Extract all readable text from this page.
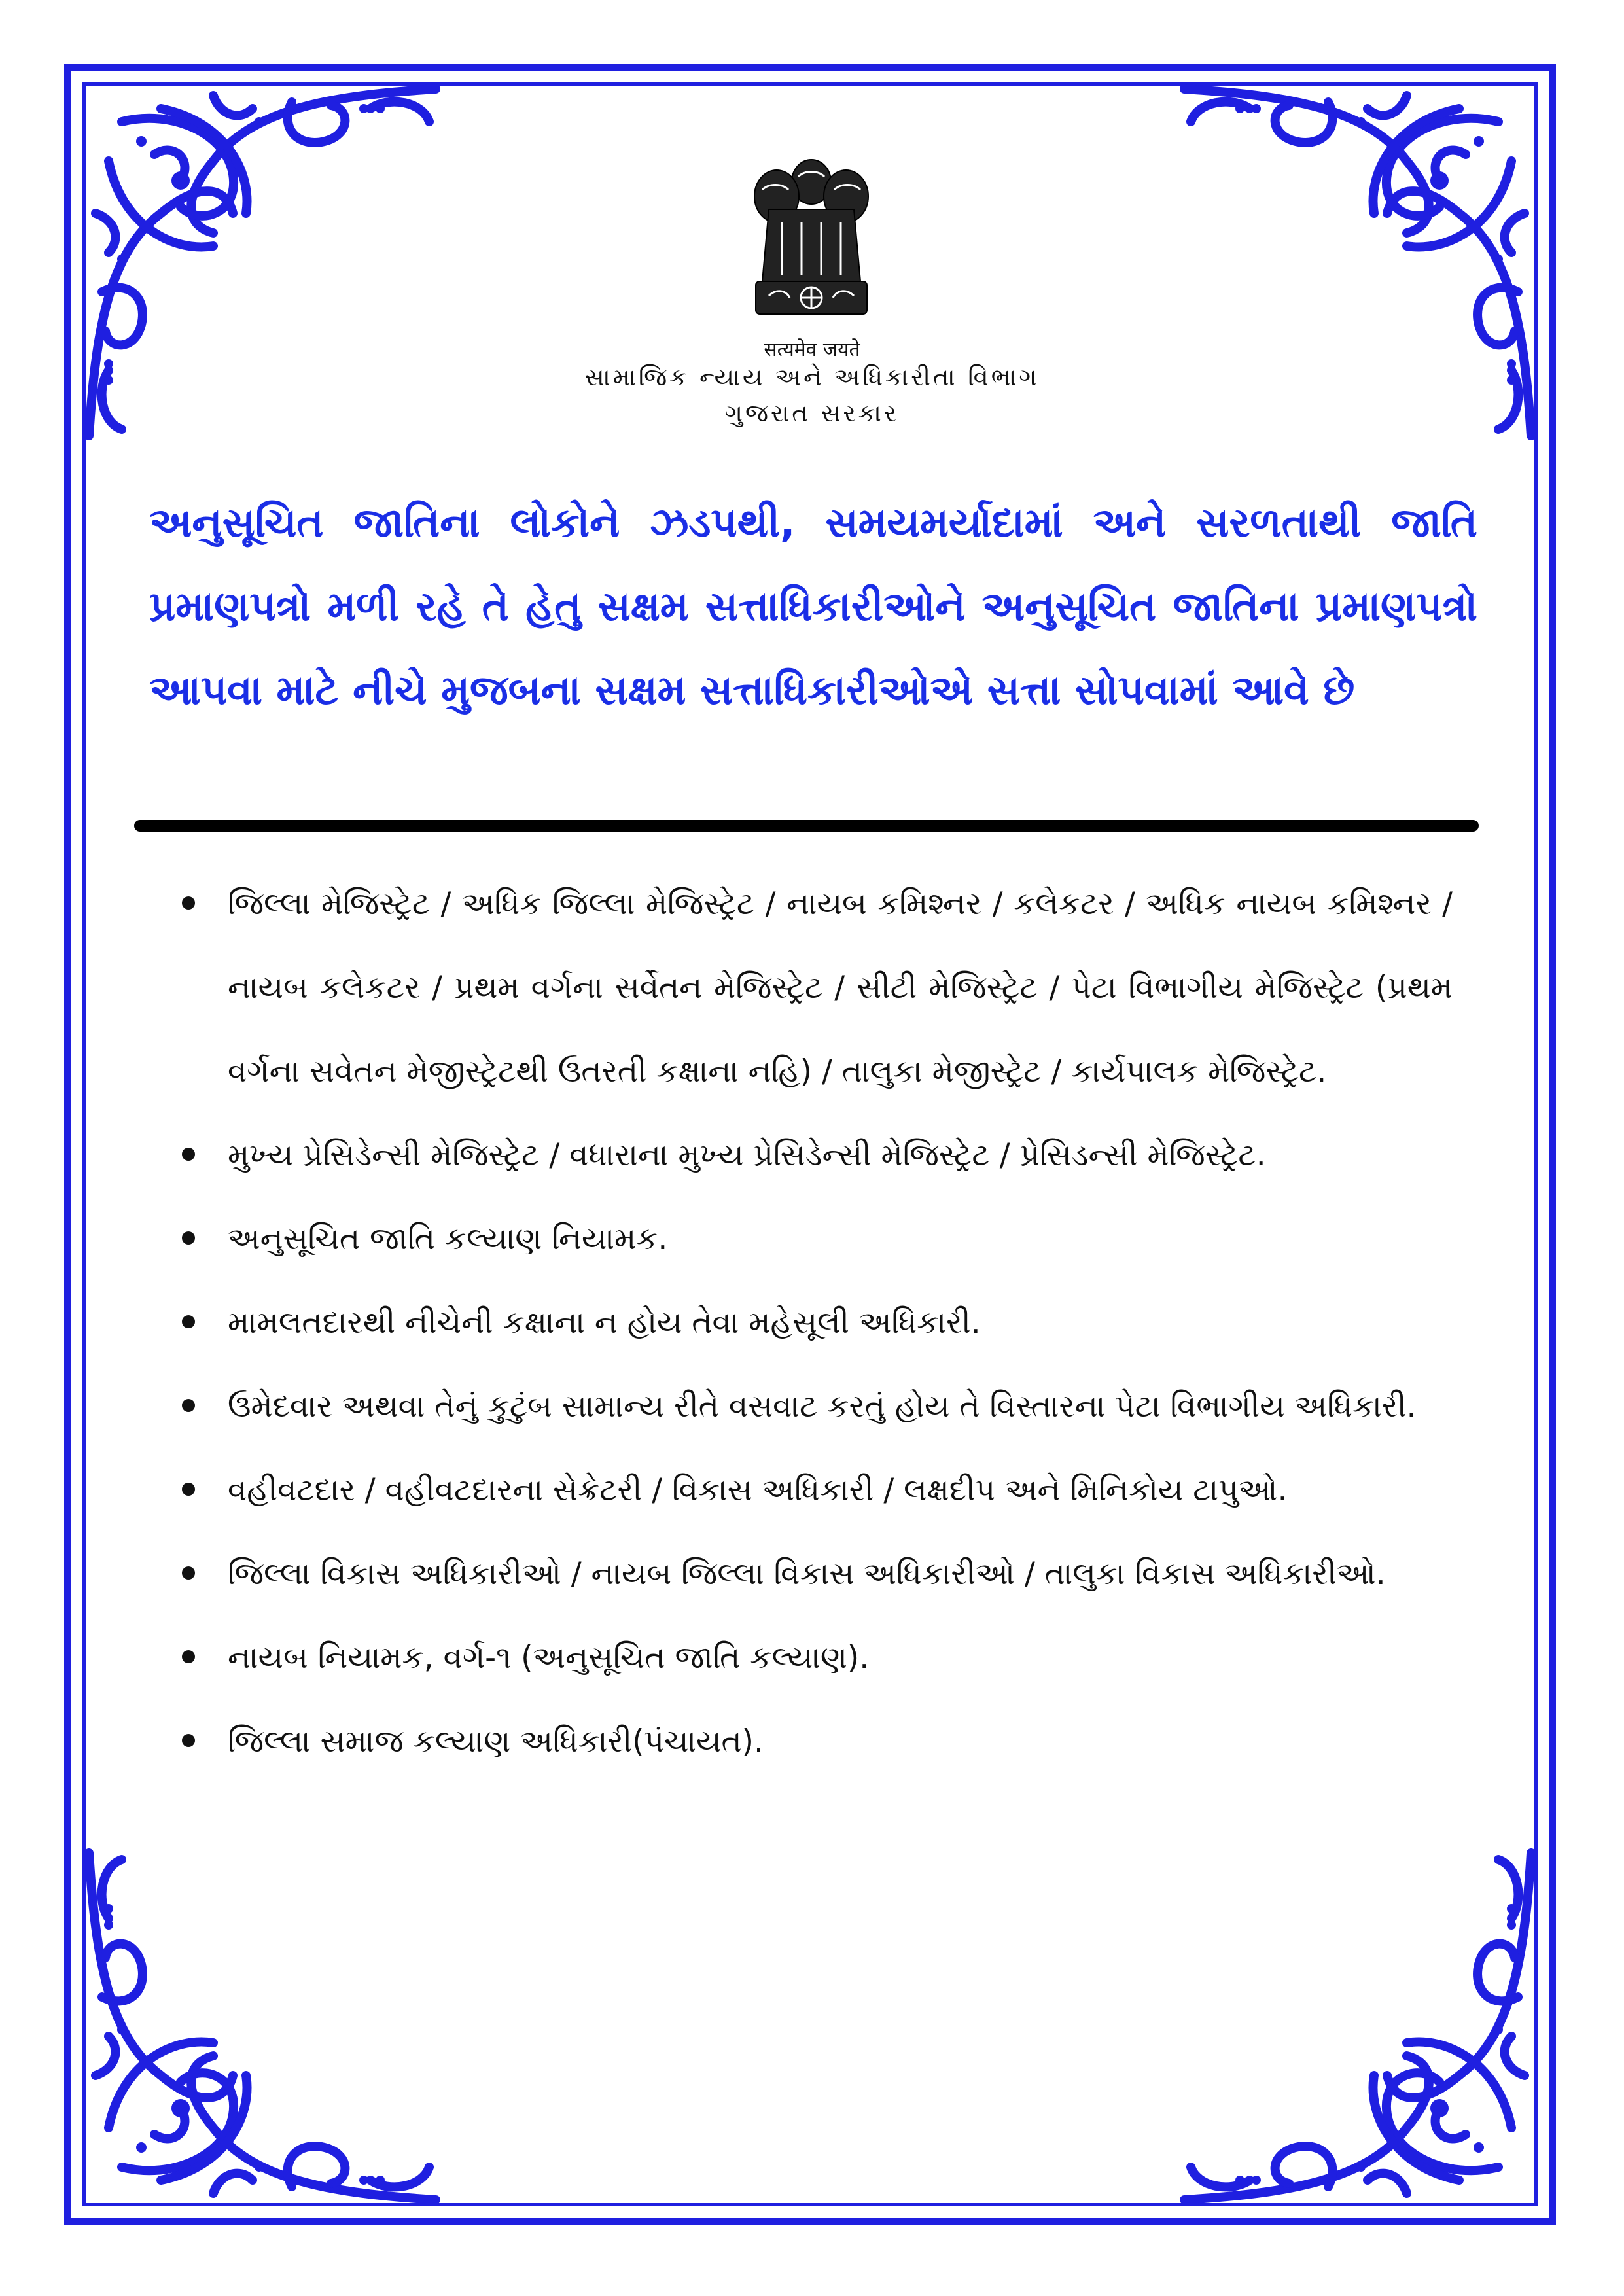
सत्यमेव जयते
સામાજિક ન્યાય અને અધિકારીતા વિભાગ
ગુજરાત સરકાર
અનુસૂચિત જાતિના લોકોને ઝડપથી, સમયમર્યાદામાં અને સરળતાથી જાતિ પ્રમાણપત્રો મળી રહે તે હેતુ સક્ષમ સત્તાધિકારીઓને અનુસૂચિત જાતિના પ્રમાણપત્રો આપવા માટે નીચે મુજબના સક્ષમ સત્તાધિકારીઓએ સત્તા સોપવામાં આવે છે
જિલ્લા મેજિસ્ટ્રેટ / અધિક જિલ્લા મેજિસ્ટ્રેટ / નાયબ કમિશ્નર / કલેકટર / અધિક નાયબ કમિશ્નર / નાયબ કલેકટર / પ્રથમ વર્ગના સર્વેતન મેજિસ્ટ્રેટ / સીટી મેજિસ્ટ્રેટ / પેટા વિભાગીય મેજિસ્ટ્રેટ (પ્રથમ વર્ગના સવેતન મેજીસ્ટ્રેટથી ઉતરતી કક્ષાના નહિ) / તાલુકા મેજીસ્ટ્રેટ / કાર્યપાલક મેજિસ્ટ્રેટ.
મુખ્ય પ્રેસિડેન્સી મેજિસ્ટ્રેટ / વધારાના મુખ્ય પ્રેસિડેન્સી મેજિસ્ટ્રેટ / પ્રેસિડન્સી મેજિસ્ટ્રેટ.
અનુસૂચિત જાતિ કલ્યાણ નિયામક.
મામલતદારથી નીચેની કક્ષાના ન હોય તેવા મહેસૂલી અધિકારી.
ઉમેદવાર અથવા તેનું કુટુંબ સામાન્ય રીતે વસવાટ કરતું હોય તે વિસ્તારના પેટા વિભાગીય અધિકારી.
વહીવટદાર / વહીવટદારના સેક્રેટરી / વિકાસ અધિકારી / લક્ષદીપ અને મિનિકોય ટાપુઓ.
જિલ્લા વિકાસ અધિકારીઓ / નાયબ જિલ્લા વિકાસ અધિકારીઓ / તાલુકા વિકાસ અધિકારીઓ.
નાયબ નિયામક, વર્ગ-૧ (અનુસૂચિત જાતિ કલ્યાણ).
જિલ્લા સમાજ કલ્યાણ અધિકારી(પંચાયત).
